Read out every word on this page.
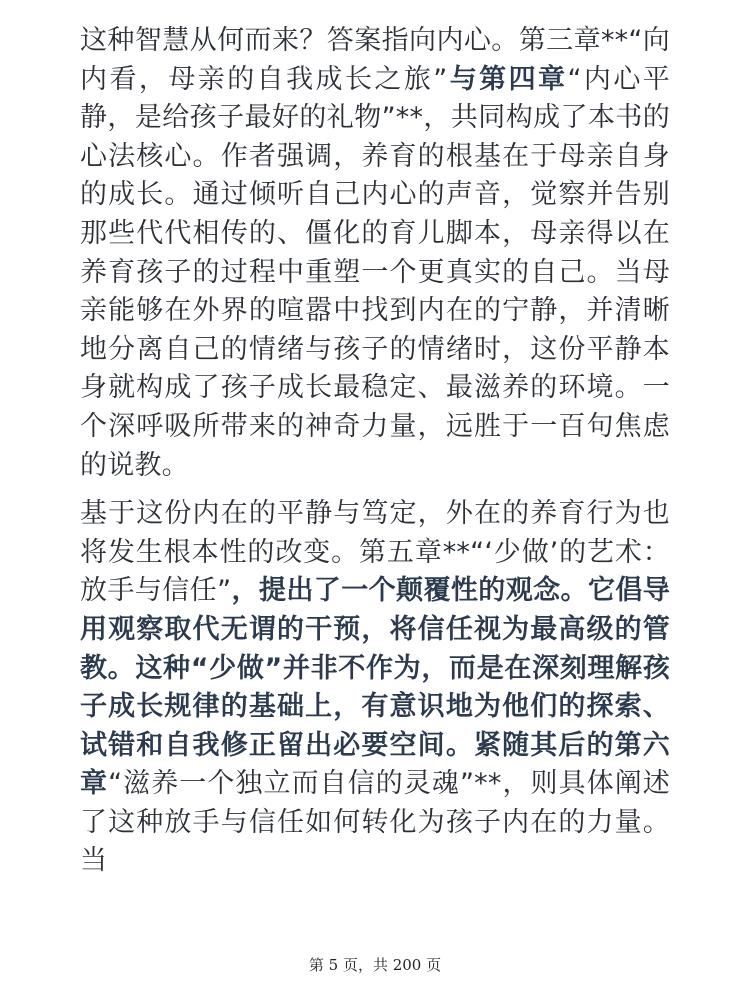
这种智慧从何而来？答案指向内心。第三章**“向内看，母亲的自我成长之旅”与第四章“内心平静，是给孩子最好的礼物”**，共同构成了本书的心法核心。作者强调，养育的根基在于母亲自身的成长。通过倾听自己内心的声音，觉察并告别那些代代相传的、僵化的育儿脚本，母亲得以在养育孩子的过程中重塑一个更真实的自己。当母亲能够在外界的喧嚣中找到内在的宁静，并清晰地分离自己的情绪与孩子的情绪时，这份平静本身就构成了孩子成长最稳定、最滋养的环境。一个深呼吸所带来的神奇力量，远胜于一百句焦虑的说教。

基于这份内在的平静与笃定，外在的养育行为也将发生根本性的改变。第五章**“‘少做’的艺术：放手与信任”，提出了一个颠覆性的观念。它倡导用观察取代无谓的干预，将信任视为最高级的管教。这种“少做”并非不作为，而是在深刻理解孩子成长规律的基础上，有意识地为他们的探索、试错和自我修正留出必要空间。紧随其后的第六章“滋养一个独立而自信的灵魂”**，则具体阐述了这种放手与信任如何转化为孩子内在的力量。当

第 5 页，共 200 页
